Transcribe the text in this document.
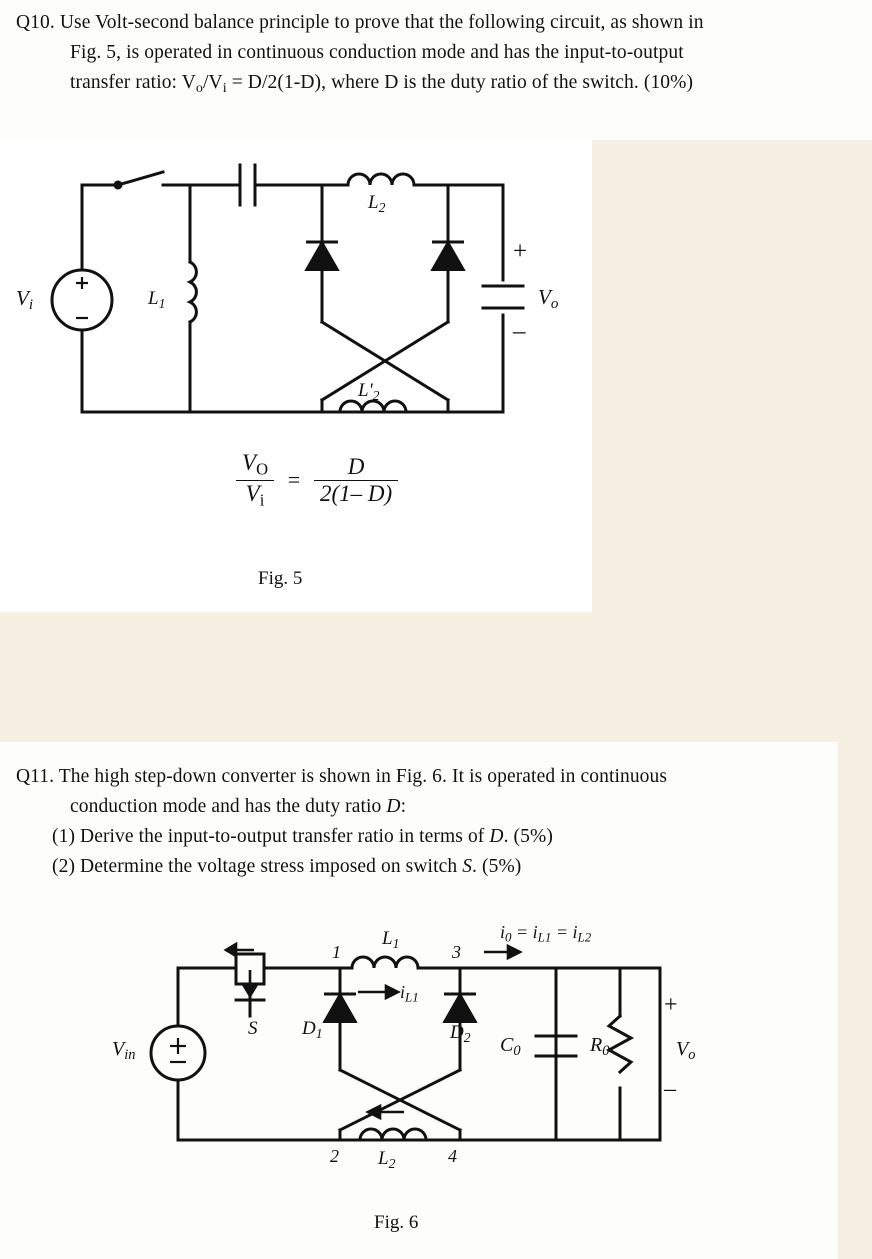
Q10. Use Volt-second balance principle to prove that the following circuit, as shown in
Fig. 5, is operated in continuous conduction mode and has the input-to-output
transfer ratio: $V_o/V_i = D/2(1-D)$, where D is the duty ratio of the switch. (10%)
$V_i$	$L_1$
$L_2$
$L'_2$
+
–
$V_o$
$\frac{V_O}{V_i} = \frac{D}{2(1- D)}$
Fig. 5
Q11. The high step-down converter is shown in Fig. 6. It is operated in continuous
conduction mode and has the duty ratio D:
(1) Derive the input-to-output transfer ratio in terms of D. (5%)
(2) Determine the voltage stress imposed on switch S. (5%)
$V_{in}$
S $D_1$	$D_2$
$L_1$
$L_2$
$i_{L1}$
1
2
3
4
$i_0 = i_{L1} = i_{L2}$
$C_0$	$R_0$
+
–
$V_o$
Fig. 6
